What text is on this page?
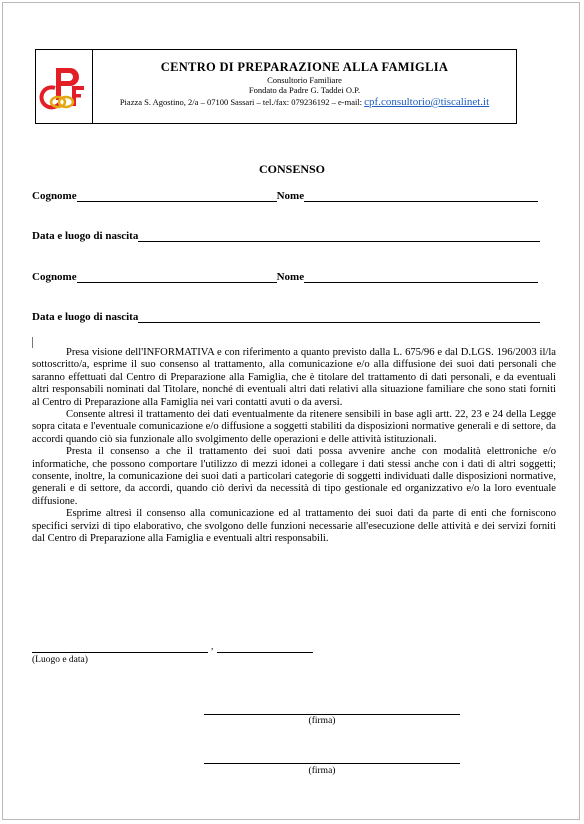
CENTRO DI PREPARAZIONE ALLA FAMIGLIA
Consultorio Familiare
Fondato da Padre G. Taddei O.P.
Piazza S. Agostino, 2/a – 07100 Sassari – tel./fax: 079236192 – e-mail: cpf.consultorio@tiscalinet.it
CONSENSO
Cognome	Nome
Data e luogo di nascita
Cognome	Nome
Data e luogo di nascita

Presa visione dell'INFORMATIVA e con riferimento a quanto previsto dalla L. 675/96 e dal D.LGS. 196/2003 il/la sottoscritto/a, esprime il suo consenso al trattamento, alla comunicazione e/o alla diffusione dei suoi dati personali che saranno effettuati dal Centro di Preparazione alla Famiglia, che è titolare del trattamento di dati personali, e da eventuali altri responsabili nominati dal Titolare, nonché di eventuali altri dati relativi alla situazione familiare che sono stati forniti al Centro di Preparazione alla Famiglia nei vari contatti avuti o da aversi.

Consente altresì il trattamento dei dati eventualmente da ritenere sensibili in base agli artt. 22, 23 e 24 della Legge sopra citata e l'eventuale comunicazione e/o diffusione a soggetti stabiliti da disposizioni normative generali e di settore, da accordi quando ciò sia funzionale allo svolgimento delle operazioni e delle attività istituzionali.

Presta il consenso a che il trattamento dei suoi dati possa avvenire anche con modalità elettroniche e/o informatiche, che possono comportare l'utilizzo di mezzi idonei a collegare i dati stessi anche con i dati di altri soggetti; consente, inoltre, la comunicazione dei suoi dati a particolari categorie di soggetti individuati dalle disposizioni normative, generali e di settore, da accordi, quando ciò derivi da necessità di tipo gestionale ed organizzativo e/o la loro eventuale diffusione.

Esprime altresì il consenso alla comunicazione ed al trattamento dei suoi dati da parte di enti che forniscono specifici servizi di tipo elaborativo, che svolgono delle funzioni necessarie all'esecuzione delle attività e dei servizi forniti dal Centro di Preparazione alla Famiglia e eventuali altri responsabili.

,
(Luogo e data)
(firma)
(firma)
